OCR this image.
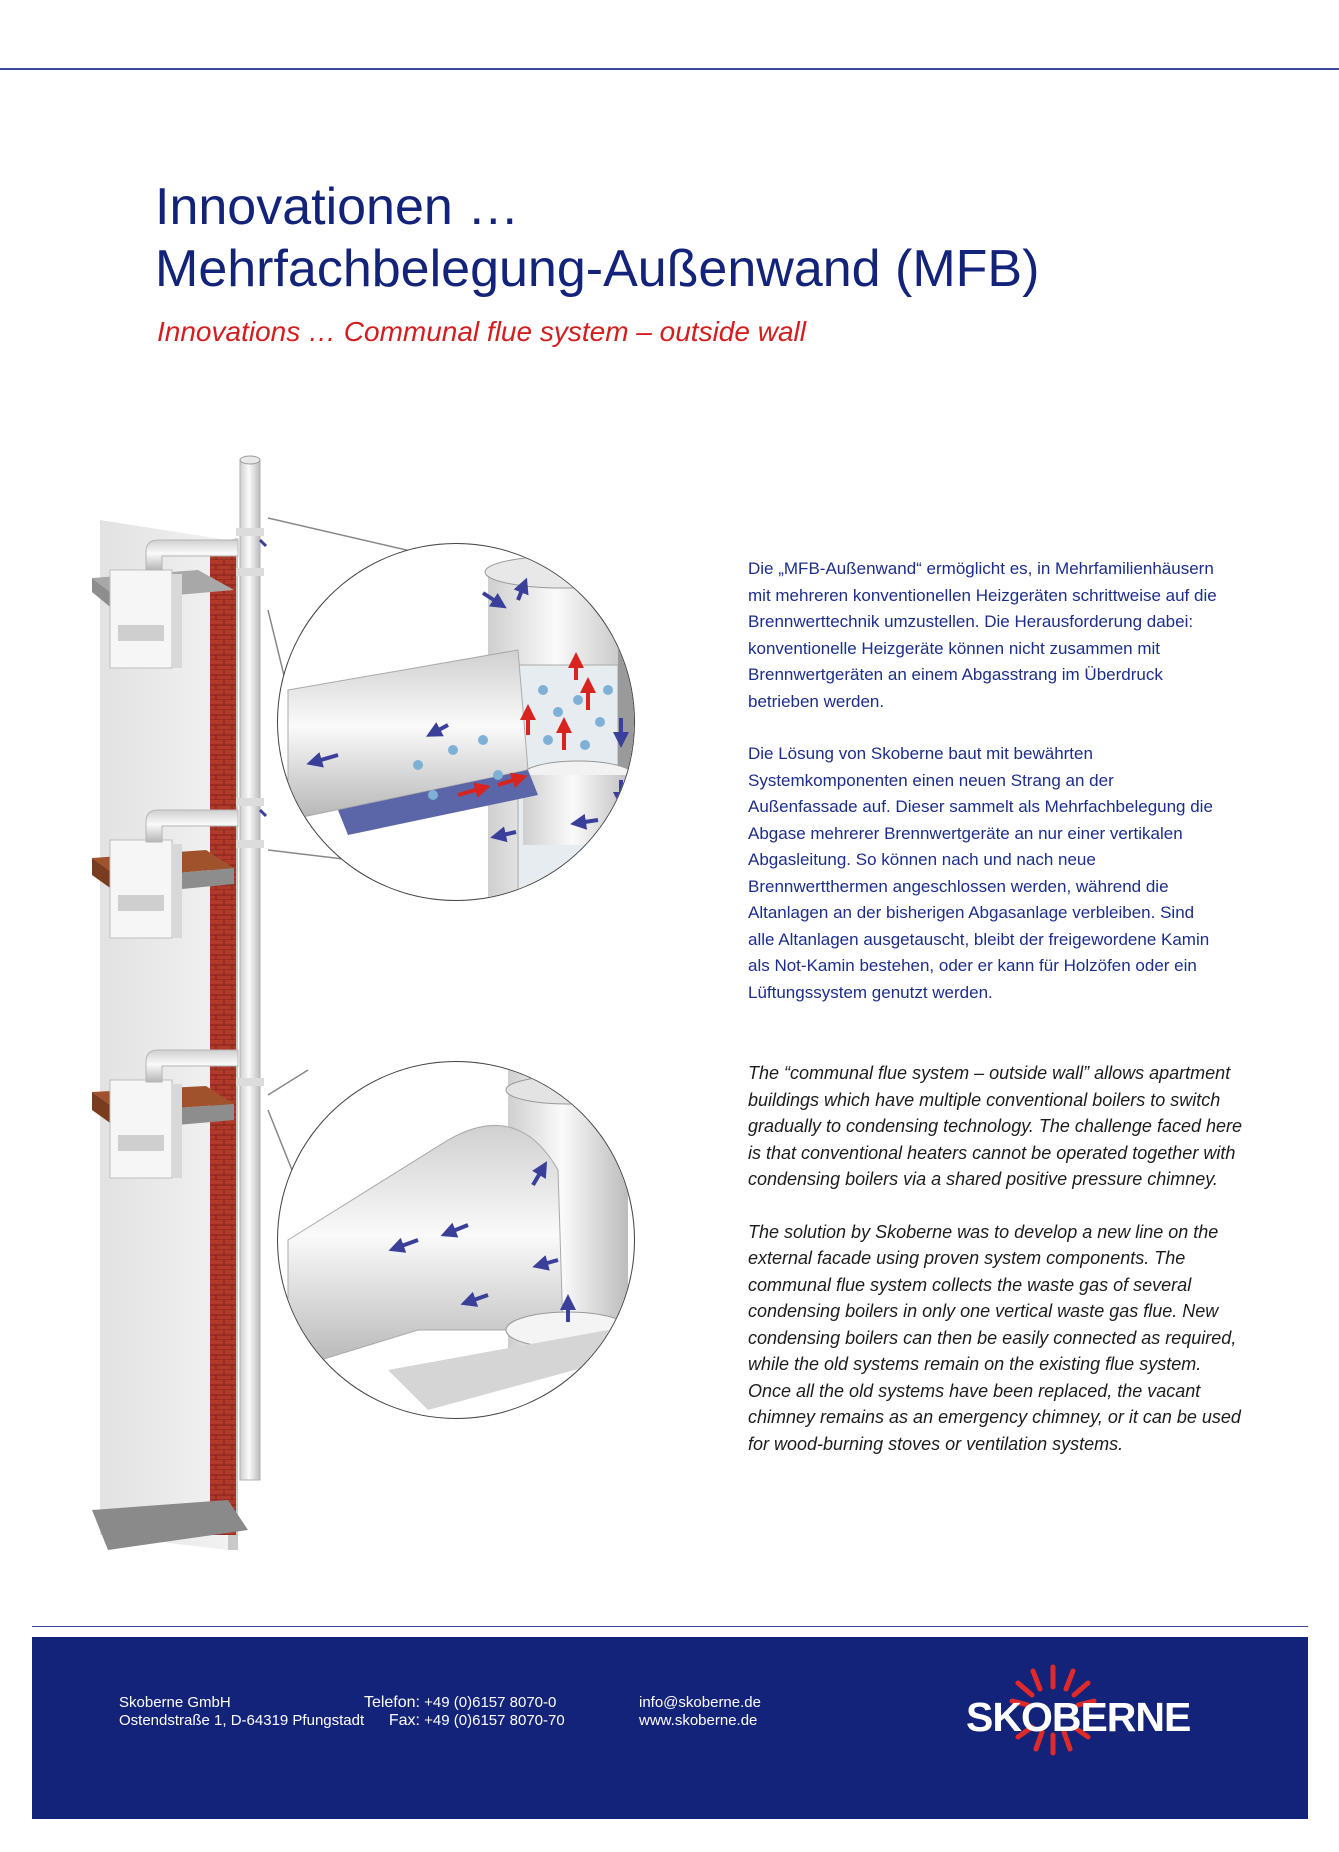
Innovationen …
Mehrfachbelegung-Außenwand (MFB)

Innovations … Communal flue system – outside wall

Die „MFB-Außenwand“ ermöglicht es, in Mehrfamilienhäusern mit mehreren konventionellen Heizgeräten schrittweise auf die Brennwerttechnik umzustellen. Die Herausforderung dabei: konventionelle Heizgeräte können nicht zusammen mit Brennwertgeräten an einem Abgasstrang im Überdruck betrieben werden.

Die Lösung von Skoberne baut mit bewährten Systemkomponenten einen neuen Strang an der Außenfassade auf. Dieser sammelt als Mehrfachbelegung die Abgase mehrerer Brennwertgeräte an nur einer vertikalen Abgasleitung. So können nach und nach neue Brennwertthermen angeschlossen werden, während die Altanlagen an der bisherigen Abgasanlage verbleiben. Sind alle Altanlagen ausgetauscht, bleibt der freigewordene Kamin als Not-Kamin bestehen, oder er kann für Holzöfen oder ein Lüftungssystem genutzt werden.

The “communal flue system – outside wall” allows apartment buildings which have multiple conventional boilers to switch gradually to condensing technology. The challenge faced here is that conventional heaters cannot be operated together with condensing boilers via a shared positive pressure chimney.

The solution by Skoberne was to develop a new line on the external facade using proven system components. The communal flue system collects the waste gas of several condensing boilers in only one vertical waste gas flue. New condensing boilers can then be easily connected as required, while the old systems remain on the existing flue system. Once all the old systems have been replaced, the vacant chimney remains as an emergency chimney, or it can be used for wood-burning stoves or ventilation systems.

Skoberne GmbH
Ostendstraße 1, D-64319 Pfungstadt
Telefon: +49 (0)6157 8070-0
Fax: +49 (0)6157 8070-70
info@skoberne.de
www.skoberne.de	SKOBERNE
